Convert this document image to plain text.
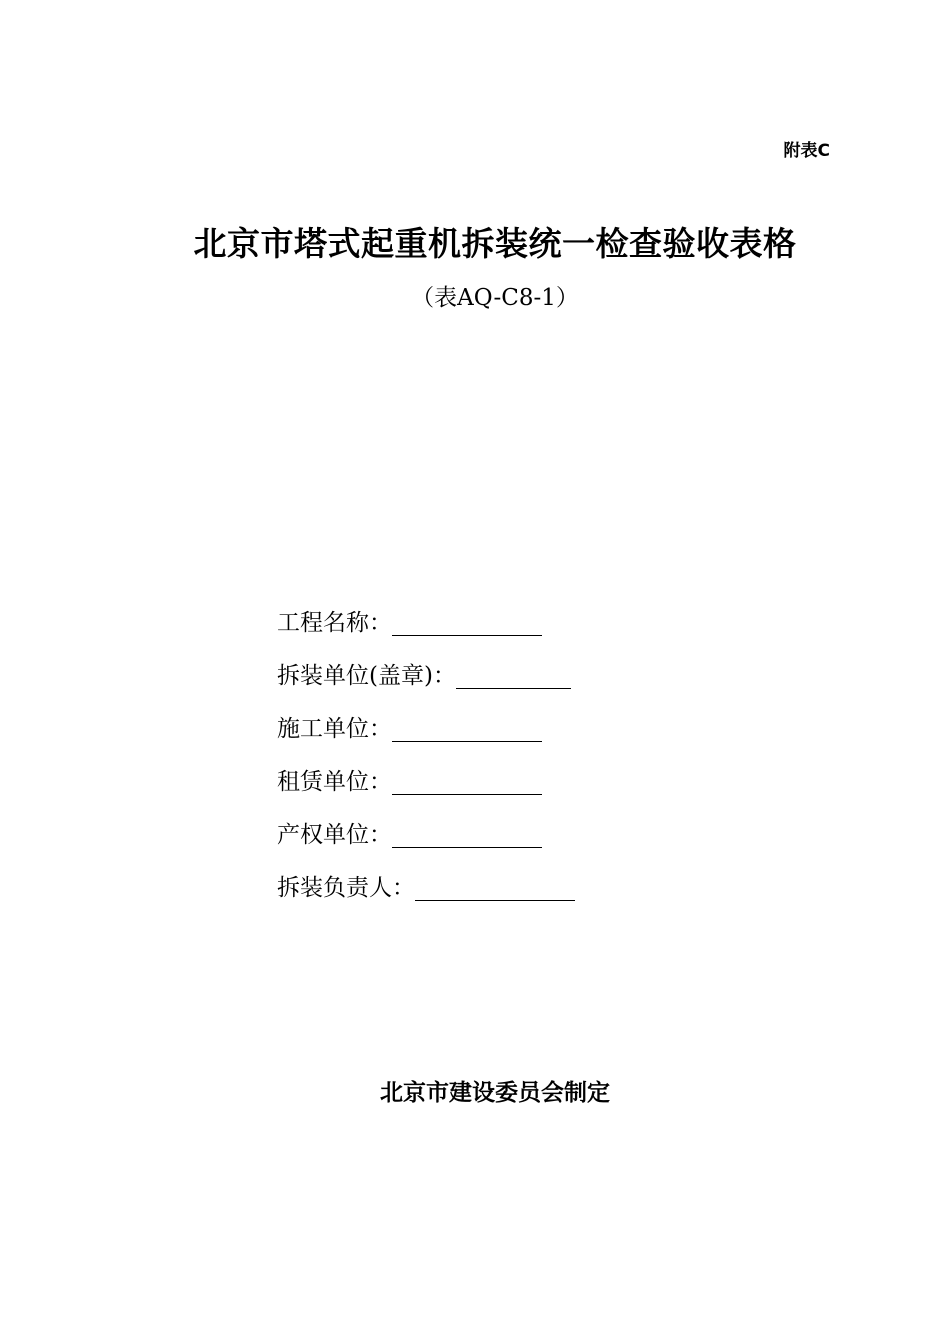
附表C
北京市塔式起重机拆装统一检查验收表格
（表AQ-C8-1）
工程名称：
拆装单位(盖章)：
施工单位：
租赁单位：
产权单位：
拆装负责人：
北京市建设委员会制定
